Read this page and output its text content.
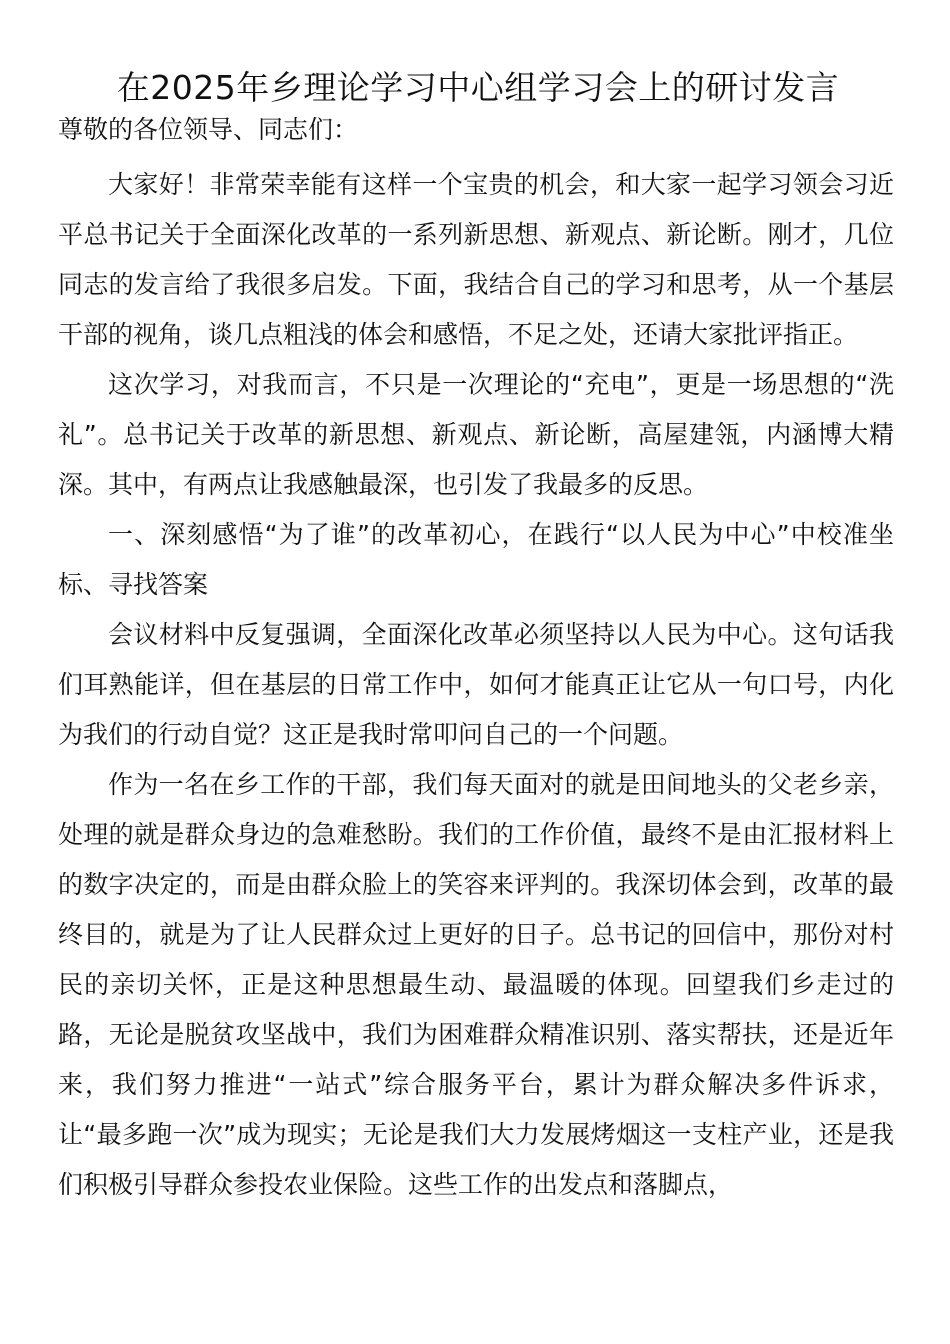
在2025年乡理论学习中心组学习会上的研讨发言

尊敬的各位领导、同志们：

大家好！非常荣幸能有这样一个宝贵的机会，和大家一起学习领会习近平总书记关于全面深化改革的一系列新思想、新观点、新论断。刚才，几位同志的发言给了我很多启发。下面，我结合自己的学习和思考，从一个基层干部的视角，谈几点粗浅的体会和感悟，不足之处，还请大家批评指正。

这次学习，对我而言，不只是一次理论的“充电”，更是一场思想的“洗礼”。总书记关于改革的新思想、新观点、新论断，高屋建瓴，内涵博大精深。其中，有两点让我感触最深，也引发了我最多的反思。

一、深刻感悟“为了谁”的改革初心，在践行“以人民为中心”中校准坐标、寻找答案

会议材料中反复强调，全面深化改革必须坚持以人民为中心。这句话我们耳熟能详，但在基层的日常工作中，如何才能真正让它从一句口号，内化为我们的行动自觉？这正是我时常叩问自己的一个问题。

作为一名在乡工作的干部，我们每天面对的就是田间地头的父老乡亲，处理的就是群众身边的急难愁盼。我们的工作价值，最终不是由汇报材料上的数字决定的，而是由群众脸上的笑容来评判的。我深切体会到，改革的最终目的，就是为了让人民群众过上更好的日子。总书记的回信中，那份对村民的亲切关怀，正是这种思想最生动、最温暖的体现。回望我们乡走过的路，无论是脱贫攻坚战中，我们为困难群众精准识别、落实帮扶，还是近年来，我们努力推进“一站式”综合服务平台，累计为群众解决多件诉求，让“最多跑一次”成为现实；无论是我们大力发展烤烟这一支柱产业，还是我们积极引导群众参投农业保险。这些工作的出发点和落脚点，
